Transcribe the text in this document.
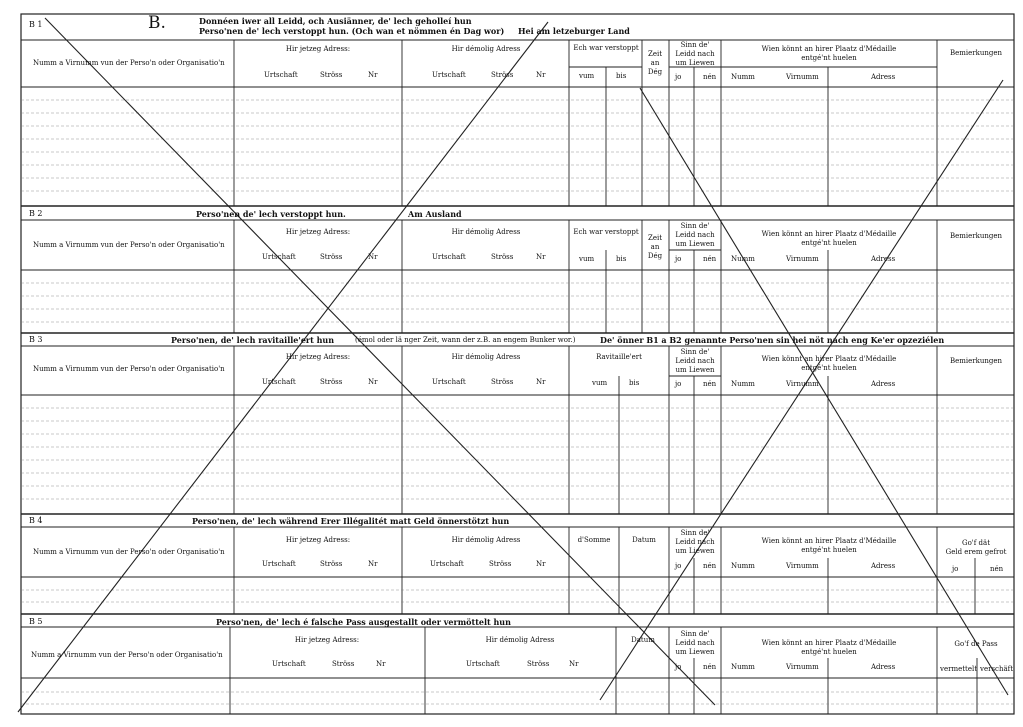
B 1	B.	Donnéen iwer all Leidd, och Ausiänner, de' lech geholleí hun
Perso'nen de' lech verstoppt hun. (Och wan et nömmen én Dag wor) Hei am letzeburger Land
Numm a Virnumm vun der Perso'n oder Organisatio'n
Hir jetzeg Adress:
Urtschaft	Ströss	Nr
Hir démolig Adress
Urtschaft	Ströss	Nr
Ech war verstoppt
vum	bis
Zeit
an
Dég
Sinn de'
Leidd nach
um Liewen
jo	nén
Wien könnt an hirer Plaatz d'Médaille
entgé'nt huelen
Numm	Virnumm	Adress
Bemierkungen
B 2	Perso'nen de' lech verstoppt hun.	Am Ausland
Numm a Virnumm vun der Perso'n oder Organisatio'n
Hir jetzeg Adress:
Urtschaft	Ströss	Nr
Hir démolig Adress
Urtschaft	Ströss	Nr
Ech war verstoppt
vum	bis
Zeit
an
Dég
Sinn de'
Leidd nach
um Liewen
jo	nén
Wien könnt an hirer Plaatz d'Médaille
entgé'nt huelen
Numm	Virnumm	Adress
Bemierkungen
B 3	Perso'nen, de' lech ravitaille'ert hun	(émol oder lä nger Zeit, wann der z.B. an engem Bunker wor.)	De' önner B1 a B2 genannte Perso'nen sin hei nöt nach eng Ke'er opzeziélen
Numm a Virnumm vun der Perso'n oder Organisatio'n
Hir jetzeg Adress:
Urtschaft	Ströss	Nr
Hir démolig Adress
Urtschaft	Ströss	Nr
Ravitaille'ert
vum	bis
Sinn de'
Leidd nach
um Liewen
jo	nén
Wien könnt an hirer Plaatz d'Médaille
entgé'nt huelen
Numm	Virnumm	Adress
Bemierkungen
B 4	Perso'nen, de' lech während Erer Illégalitét matt Geld önnerstötzt hun
Numm a Virnumm vun der Perso'n oder Organisatio'n
Hir jetzeg Adress:
Urtschaft	Ströss	Nr
Hir démolig Adress
Urtschaft	Ströss	Nr
d'Somme	Datum
Sinn de'
Leidd nach
um Liewen
jo	nén
Wien könnt an hirer Plaatz d'Médaille
entgé'nt huelen
Numm	Virnumm	Adress
Go'f dät
Geld erem gefrot
jo	nén
B 5	Perso'nen, de' lech é falsche Pass ausgestallt oder vermöttelt hun
Numm a Virnumm vun der Perso'n oder Organisatio'n
Hir jetzeg Adress:
Urtschaft	Ströss	Nr
Hir démolig Adress
Urtschaft	Ströss	Nr
Datum
Sinn de'
Leidd nach
um Liewen
jo	nén
Wien könnt an hirer Plaatz d'Médaille
entgé'nt huelen
Numm	Virnumm	Adress
Go'f de Pass
vermettelt verschäft
